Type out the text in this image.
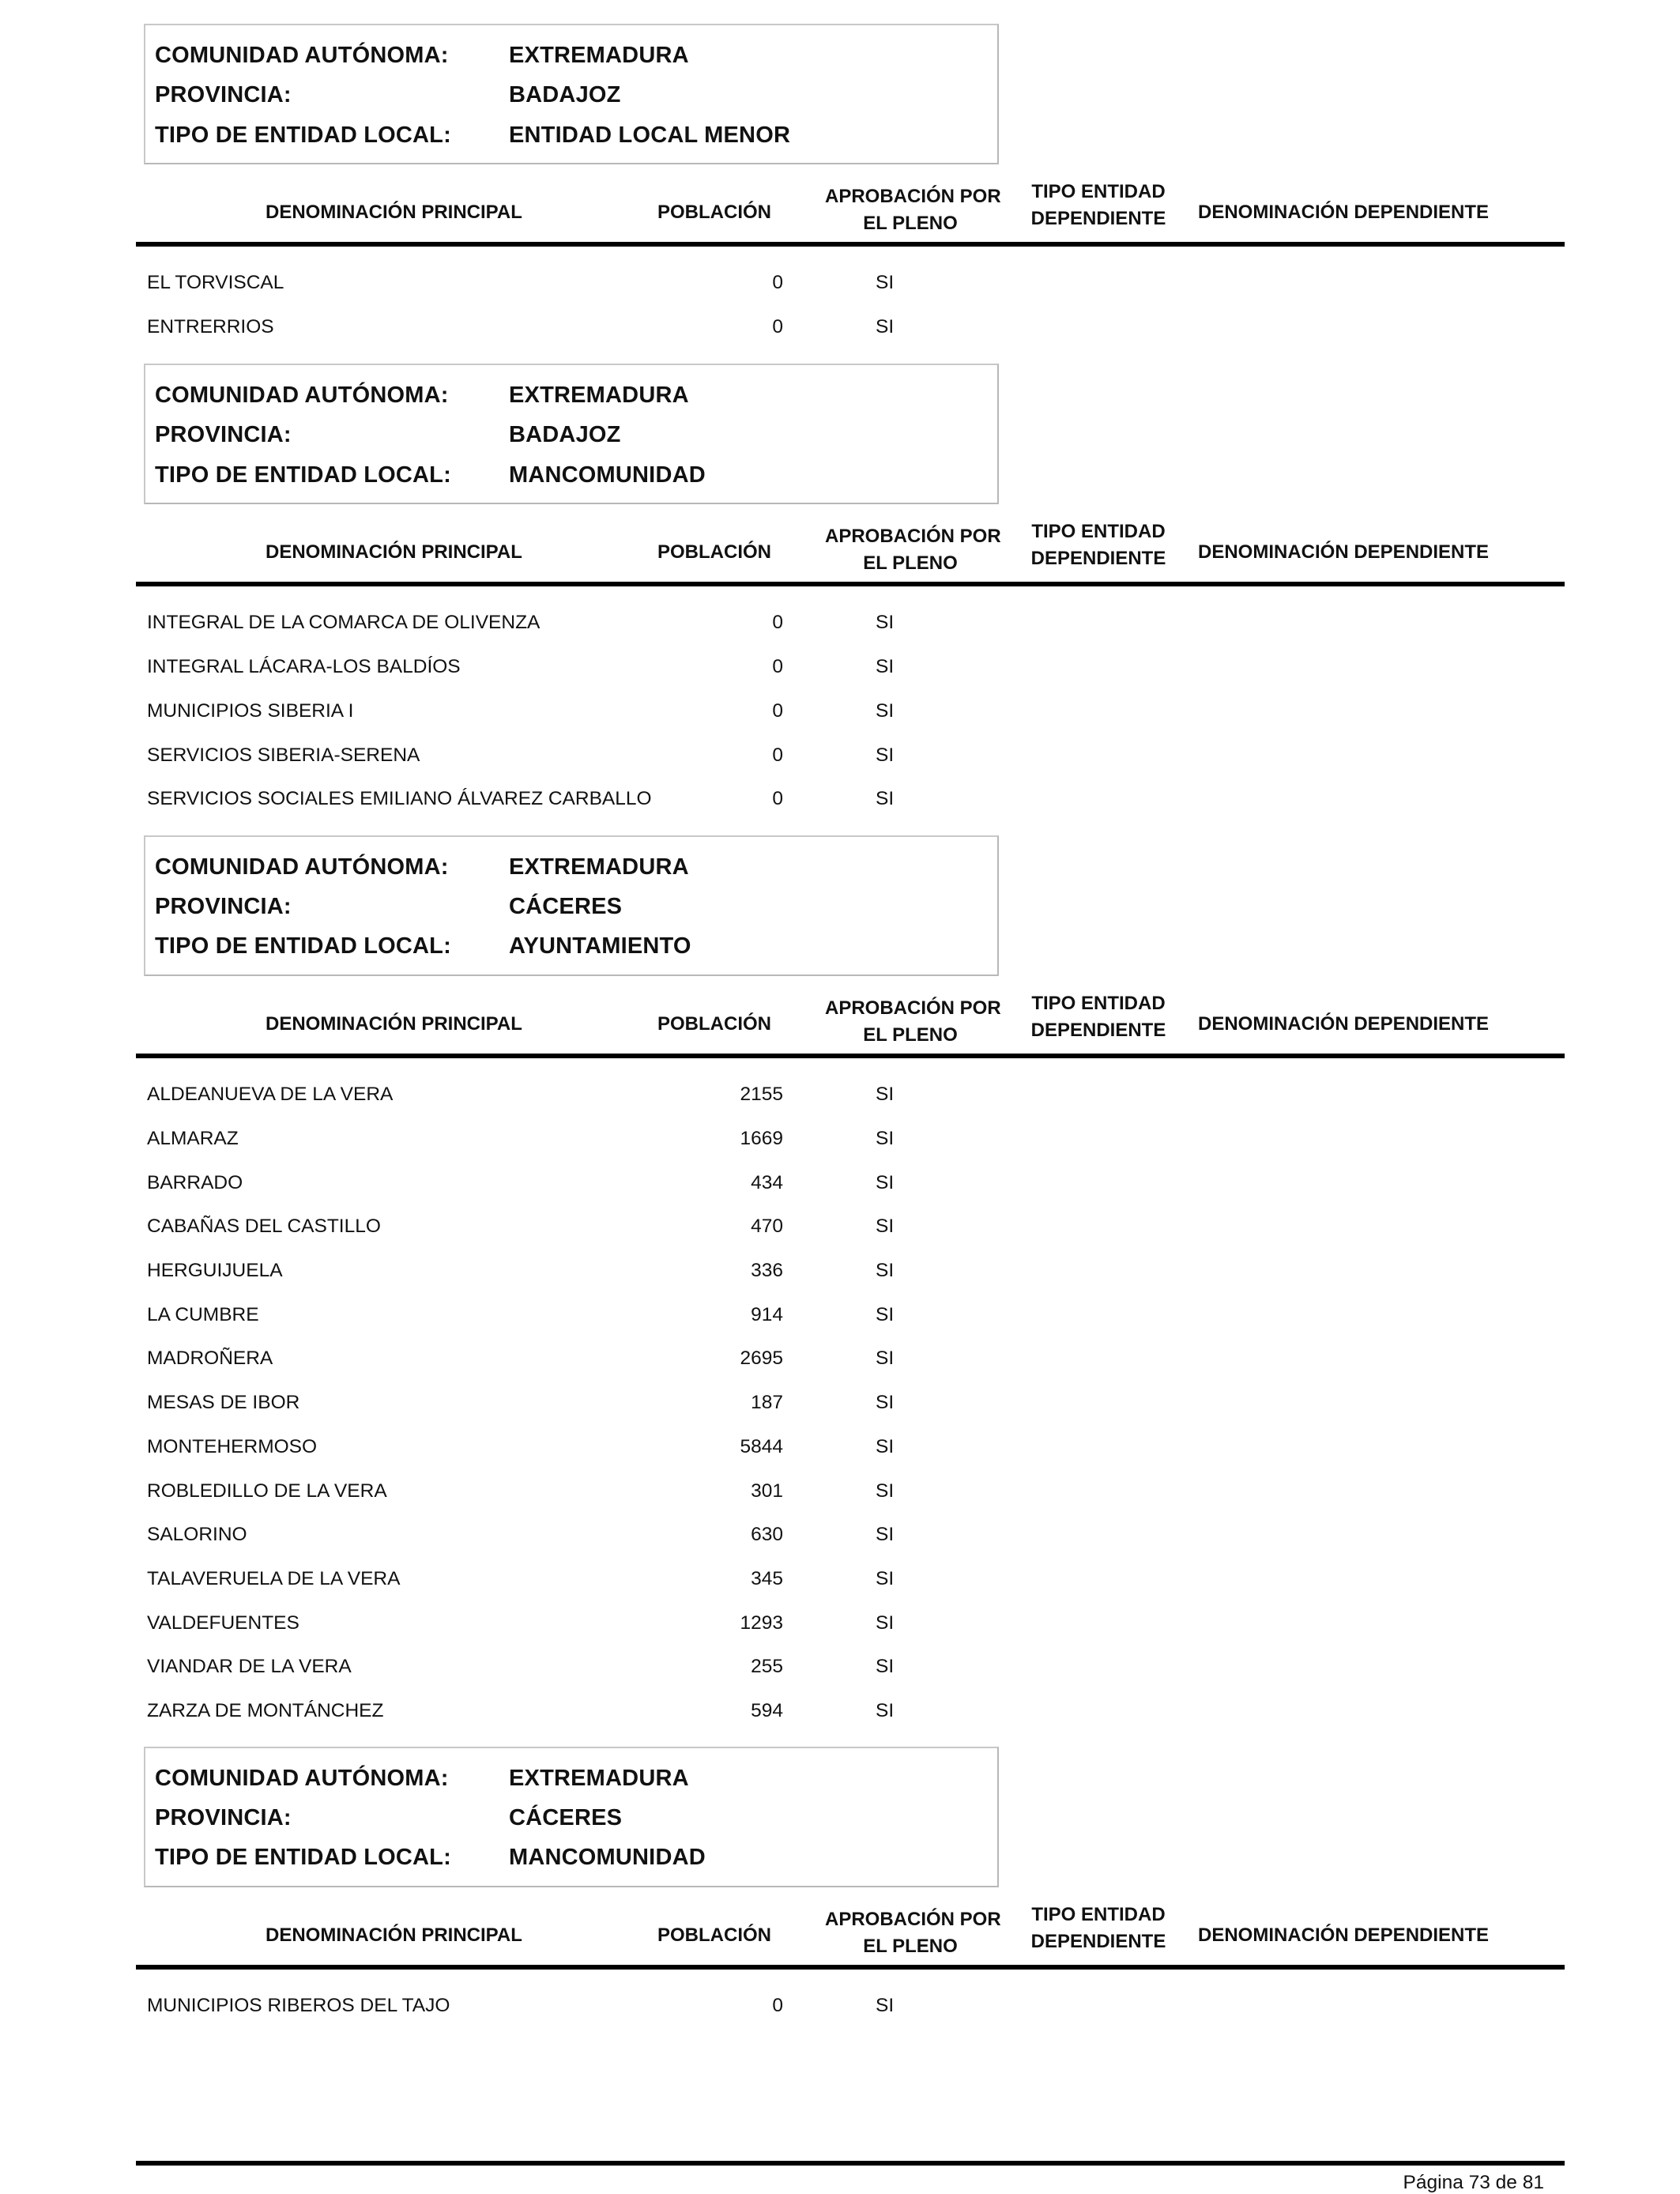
COMUNIDAD AUTÓNOMA:	EXTREMADURA
PROVINCIA:	BADAJOZ
TIPO DE ENTIDAD LOCAL:	ENTIDAD LOCAL MENOR
DENOMINACIÓN PRINCIPAL	POBLACIÓN
APROBACIÓN POR
EL PLENO
TIPO ENTIDAD
DEPENDIENTE	DENOMINACIÓN DEPENDIENTE
EL TORVISCAL	0	SI
ENTRERRIOS	0	SI
COMUNIDAD AUTÓNOMA:	EXTREMADURA
PROVINCIA:	BADAJOZ
TIPO DE ENTIDAD LOCAL:	MANCOMUNIDAD
DENOMINACIÓN PRINCIPAL	POBLACIÓN
APROBACIÓN POR
EL PLENO
TIPO ENTIDAD
DEPENDIENTE	DENOMINACIÓN DEPENDIENTE
INTEGRAL DE LA COMARCA DE OLIVENZA	0	SI
INTEGRAL LÁCARA-LOS BALDÍOS	0	SI
MUNICIPIOS SIBERIA I	0	SI
SERVICIOS SIBERIA-SERENA	0	SI
SERVICIOS SOCIALES EMILIANO ÁLVAREZ CARBALLO	0	SI
COMUNIDAD AUTÓNOMA:	EXTREMADURA
PROVINCIA:	CÁCERES
TIPO DE ENTIDAD LOCAL:	AYUNTAMIENTO
DENOMINACIÓN PRINCIPAL	POBLACIÓN
APROBACIÓN POR
EL PLENO
TIPO ENTIDAD
DEPENDIENTE	DENOMINACIÓN DEPENDIENTE
ALDEANUEVA DE LA VERA	2155	SI
ALMARAZ	1669	SI
BARRADO	434	SI
CABAÑAS DEL CASTILLO	470	SI
HERGUIJUELA	336	SI
LA CUMBRE	914	SI
MADROÑERA	2695	SI
MESAS DE IBOR	187	SI
MONTEHERMOSO	5844	SI
ROBLEDILLO DE LA VERA	301	SI
SALORINO	630	SI
TALAVERUELA DE LA VERA	345	SI
VALDEFUENTES	1293	SI
VIANDAR DE LA VERA	255	SI
ZARZA DE MONTÁNCHEZ	594	SI
COMUNIDAD AUTÓNOMA:	EXTREMADURA
PROVINCIA:	CÁCERES
TIPO DE ENTIDAD LOCAL:	MANCOMUNIDAD
DENOMINACIÓN PRINCIPAL	POBLACIÓN
APROBACIÓN POR
EL PLENO
TIPO ENTIDAD
DEPENDIENTE	DENOMINACIÓN DEPENDIENTE
MUNICIPIOS RIBEROS DEL TAJO	0	SI
Página 73 de 81
